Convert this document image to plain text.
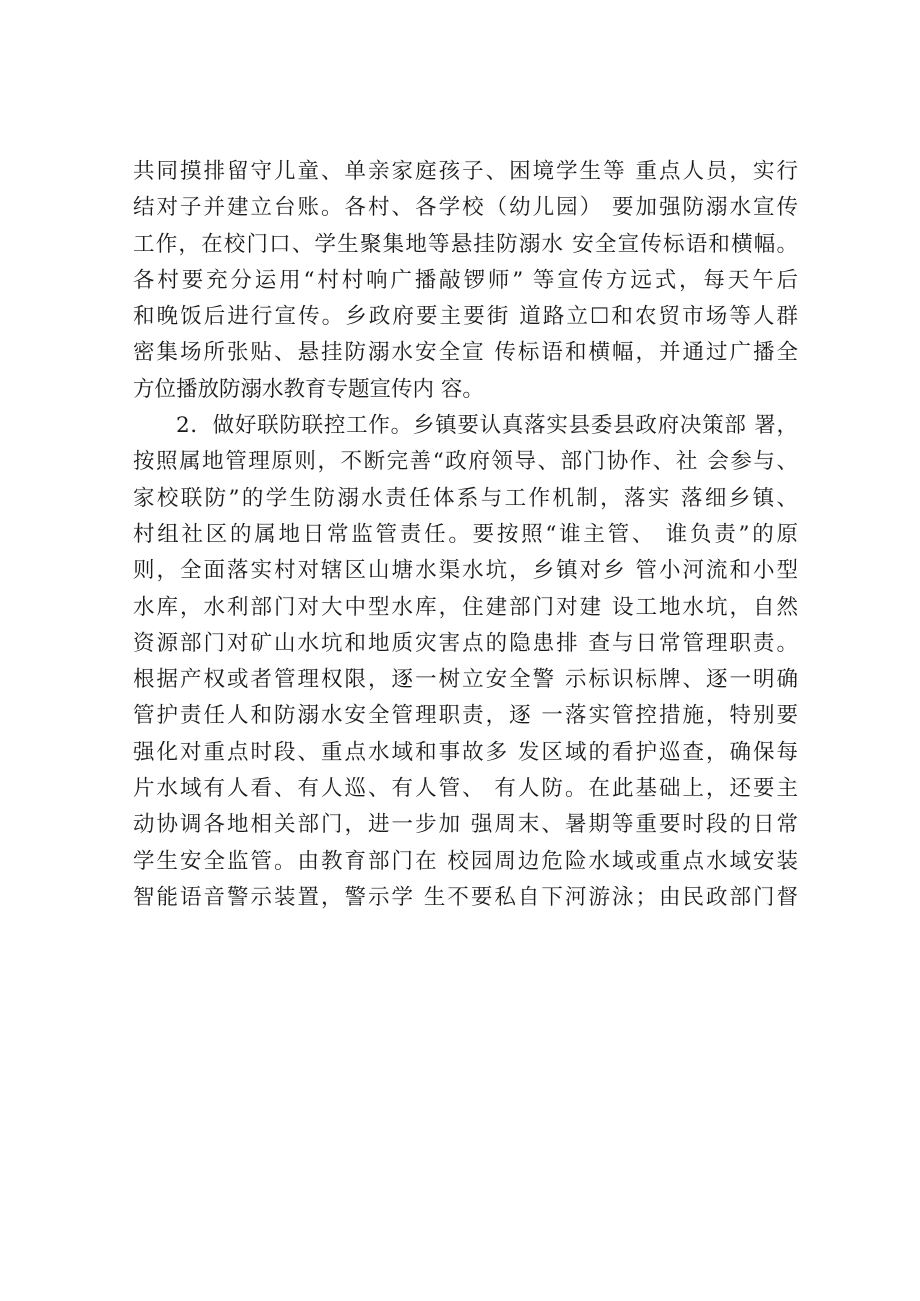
共同摸排留守儿童、单亲家庭孩子、困境学生等 重点人员，实行
结对子并建立台账。各村、各学校（幼儿园） 要加强防溺水宣传
工作，在校门口、学生聚集地等悬挂防溺水 安全宣传标语和横幅。
各村要充分运用“村村响广播敲锣师” 等宣传方远式，每天午后
和晚饭后进行宣传。乡政府要主要街 道路立☐和农贸市场等人群
密集场所张贴、悬挂防溺水安全宣 传标语和横幅，并通过广播全
方位播放防溺水教育专题宣传内 容。
2．做好联防联控工作。乡镇要认真落实县委县政府决策部 署，
按照属地管理原则，不断完善“政府领导、部门协作、社 会参与、
家校联防”的学生防溺水责任体系与工作机制，落实 落细乡镇、
村组社区的属地日常监管责任。要按照“谁主管、 谁负责”的原
则，全面落实村对辖区山塘水渠水坑，乡镇对乡 管小河流和小型
水库，水利部门对大中型水库，住建部门对建 设工地水坑，自然
资源部门对矿山水坑和地质灾害点的隐患排 查与日常管理职责。
根据产权或者管理权限，逐一树立安全警 示标识标牌、逐一明确
管护责任人和防溺水安全管理职责，逐 一落实管控措施，特别要
强化对重点时段、重点水域和事故多 发区域的看护巡查，确保每
片水域有人看、有人巡、有人管、 有人防。在此基础上，还要主
动协调各地相关部门，进一步加 强周末、暑期等重要时段的日常
学生安全监管。由教育部门在 校园周边危险水域或重点水域安装
智能语音警示装置，警示学 生不要私自下河游泳；由民政部门督
